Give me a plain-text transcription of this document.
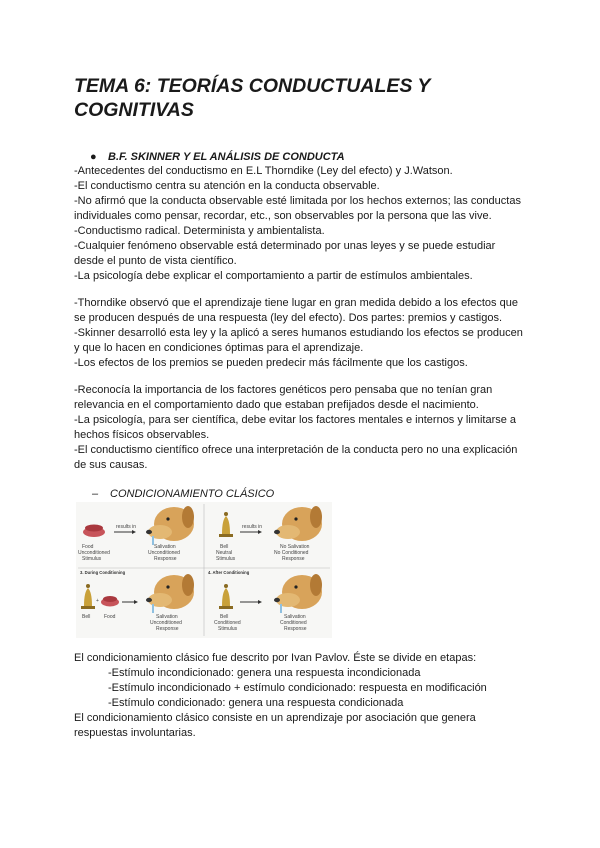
TEMA 6: TEORÍAS CONDUCTUALES Y COGNITIVAS

● B.F. SKINNER Y EL ANÁLISIS DE CONDUCTA

-Antecedentes del conductismo en E.L Thorndike (Ley del efecto) y J.Watson.
-El conductismo centra su atención en la conducta observable.
-No afirmó que la conducta observable esté limitada por los hechos externos; las conductas
individuales como pensar, recordar, etc., son observables por la persona que las vive.
-Conductismo radical. Determinista y ambientalista.
-Cualquier fenómeno observable está determinado por unas leyes y se puede estudiar
desde el punto de vista científico.
-La psicología debe explicar el comportamiento a partir de estímulos ambientales.
-Thorndike observó que el aprendizaje tiene lugar en gran medida debido a los efectos que
se producen después de una respuesta (ley del efecto). Dos partes: premios y castigos.
-Skinner desarrolló esta ley y la aplicó a seres humanos estudiando los efectos se producen
y que lo hacen en condiciones óptimas para el aprendizaje.
-Los efectos de los premios se pueden predecir más fácilmente que los castigos.
-Reconocía la importancia de los factores genéticos pero pensaba que no tenían gran
relevancia en el comportamiento dado que estaban prefijados desde el nacimiento.
-La psicología, para ser científica, debe evitar los factores mentales e internos y limitarse a
hechos físicos observables.
-El conductismo científico ofrece una interpretación de la conducta pero no una explicación
de sus causas.

– CONDICIONAMIENTO CLÁSICO

results in
Food
Unconditioned
Stimulus
Salivation
Unconditioned
Response
results in
Bell
Neutral
Stimulus
No Salivation
No Conditioned
Response
3. During Conditioning
+
Bell	Food	Salivation
Unconditioned
Response
4. After Conditioning
Bell
Conditioned
Stimulus
Salivation
Conditioned
Response
El condicionamiento clásico fue descrito por Ivan Pavlov. Éste se divide en etapas:
-Estímulo incondicionado: genera una respuesta incondicionada
-Estímulo incondicionado + estímulo condicionado: respuesta en modificación
-Estímulo condicionado: genera una respuesta condicionada
El condicionamiento clásico consiste en un aprendizaje por asociación que genera
respuestas involuntarias.
